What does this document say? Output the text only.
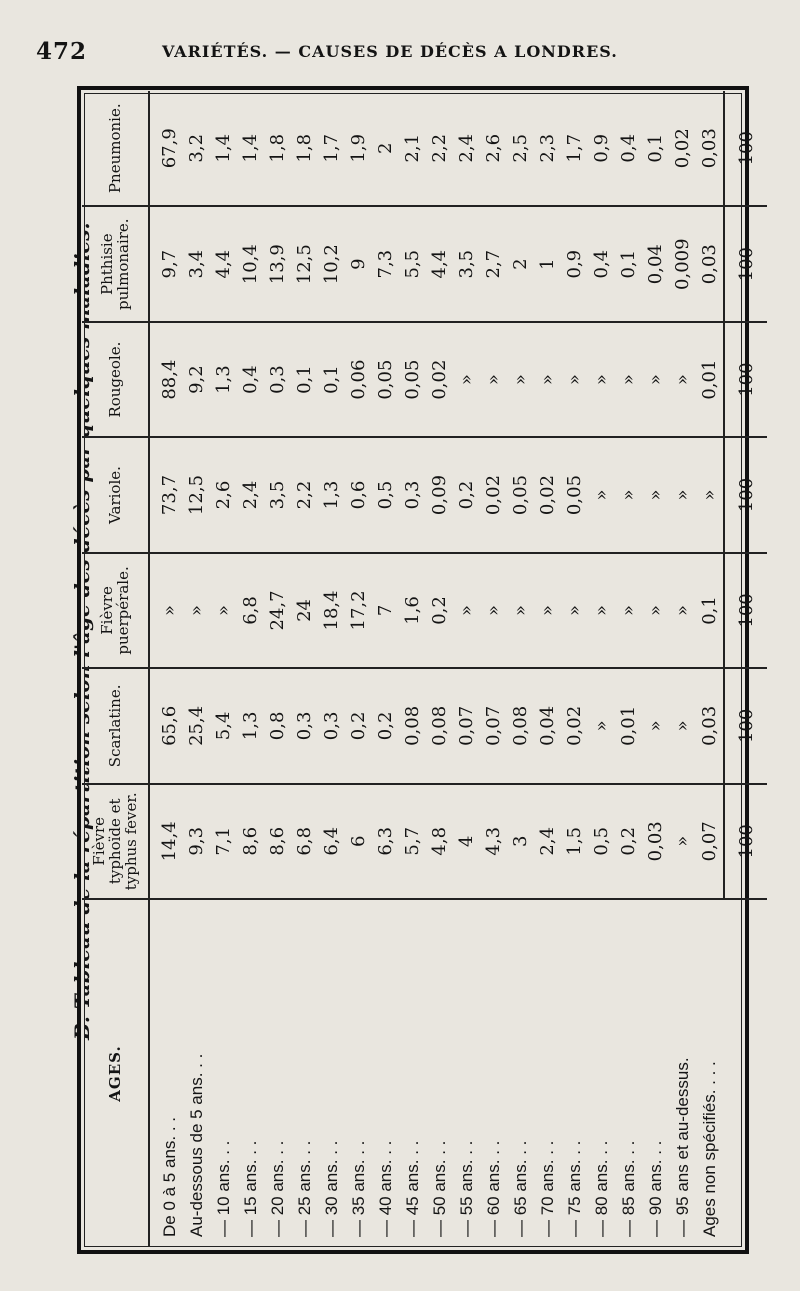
472	VARIÉTÉS. — CAUSES DE DÉCÈS A LONDRES.
B. Tableau de la répartition selon l'âge des décès par quelques maladies.
AGES.	Fièvre typhoïde et typhus fever.	Scarlatine.	Fièvre puerpérale.	Variole.	Rougeole.	Phthisie pulmonaire.	Pneumonie.
De 0 à 5 ans. . .	14,4	65,6	»	73,7	88,4	9,7	67,9
Au-dessous de 5 ans. . .	9,3	25,4	»	12,5	9,2	3,4	3,2
— 10 ans. . .	7,1	5,4	»	2,6	1,3	4,4	1,4
— 15 ans. . .	8,6	1,3	6,8	2,4	0,4	10,4	1,4
— 20 ans. . .	8,6	0,8	24,7	3,5	0,3	13,9	1,8
— 25 ans. . .	6,8	0,3	24	2,2	0,1	12,5	1,8
— 30 ans. . .	6,4	0,3	18,4	1,3	0,1	10,2	1,7
— 35 ans. . .	6	0,2	17,2	0,6	0,06	9	1,9
— 40 ans. . .	6,3	0,2	7	0,5	0,05	7,3	2
— 45 ans. . .	5,7	0,08	1,6	0,3	0,05	5,5	2,1
— 50 ans. . .	4,8	0,08	0,2	0,09	0,02	4,4	2,2
— 55 ans. . .	4	0,07	»	0,2	»	3,5	2,4
— 60 ans. . .	4,3	0,07	»	0,02	»	2,7	2,6
— 65 ans. . .	3	0,08	»	0,05	»	2	2,5
— 70 ans. . .	2,4	0,04	»	0,02	»	1	2,3
— 75 ans. . .	1,5	0,02	»	0,05	»	0,9	1,7
— 80 ans. . .	0,5	»	»	»	»	0,4	0,9
— 85 ans. . .	0,2	0,01	»	»	»	0,1	0,4
— 90 ans. . .	0,03	»	»	»	»	0,04	0,1
— 95 ans et au-dessus.	»	»	»	»	»	0,009	0,02
Ages non spécifiés. . . .	0,07	0,03	0,1	»	0,01	0,03	0,03
	100	100	100	100	100	100	100
